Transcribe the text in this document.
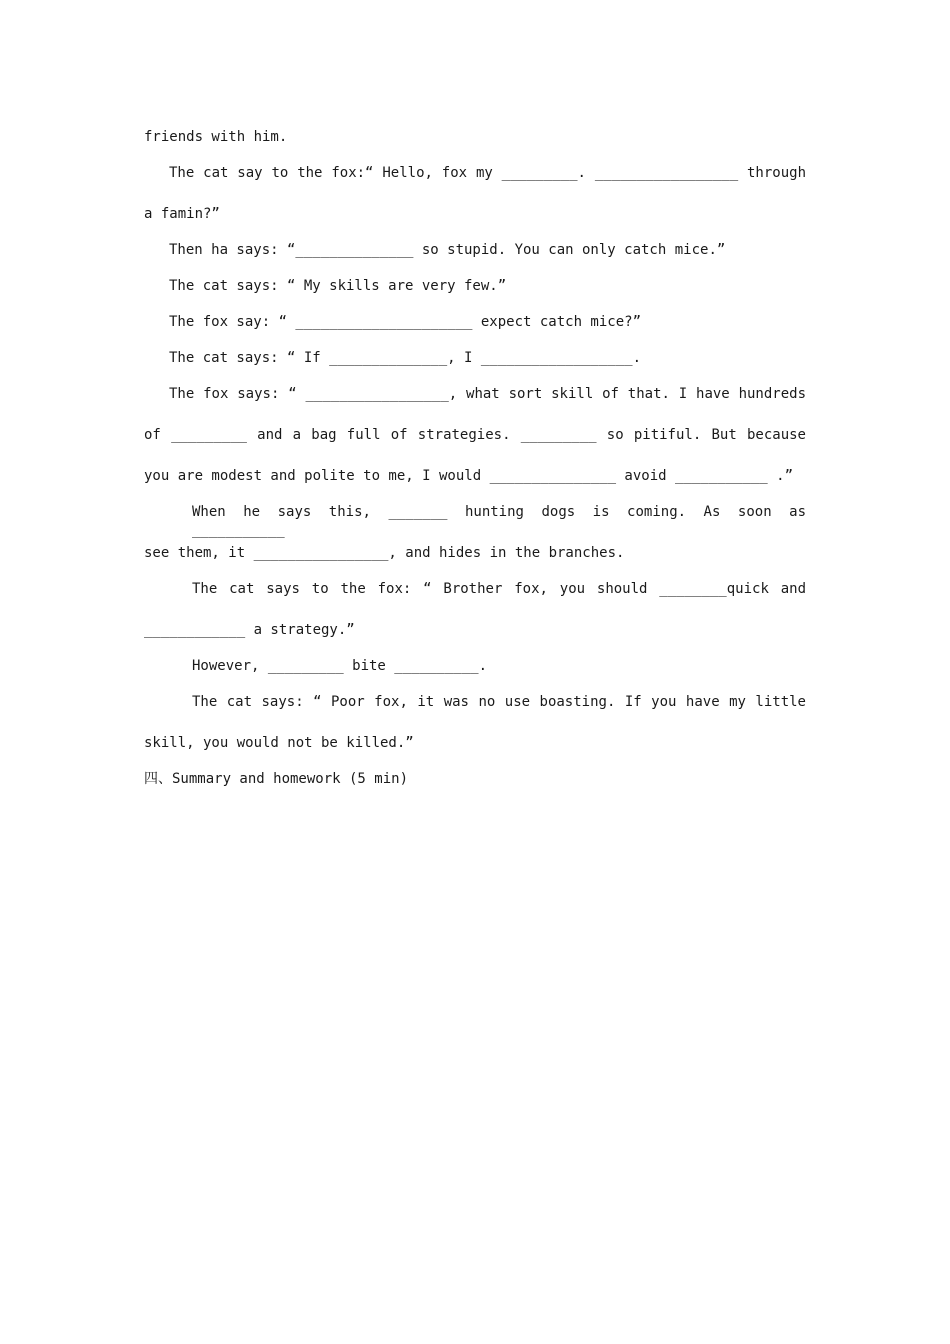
friends with him.
The cat say to the fox:“ Hello, fox my _________. _________________ through
a famin?”
Then ha says: “______________ so stupid. You can only catch mice.”
The cat says: “ My skills are very few.”
The fox say: “ _____________________ expect catch mice?”
The cat says: “ If ______________, I __________________.
The fox says: “ _________________, what sort skill of that. I have hundreds
of _________ and a bag full of strategies. _________ so pitiful. But because
you are modest and polite to me, I would _______________ avoid ___________ .”
When he says this, _______ hunting dogs is coming. As soon as ___________
see them, it ________________, and hides in the branches.
The cat says to the fox: “ Brother fox, you should ________quick and
____________ a strategy.”
However, _________ bite __________.
The cat says: “ Poor fox, it was no use boasting. If you have my little
skill, you would not be killed.”
四、Summary and homework (5 min)
